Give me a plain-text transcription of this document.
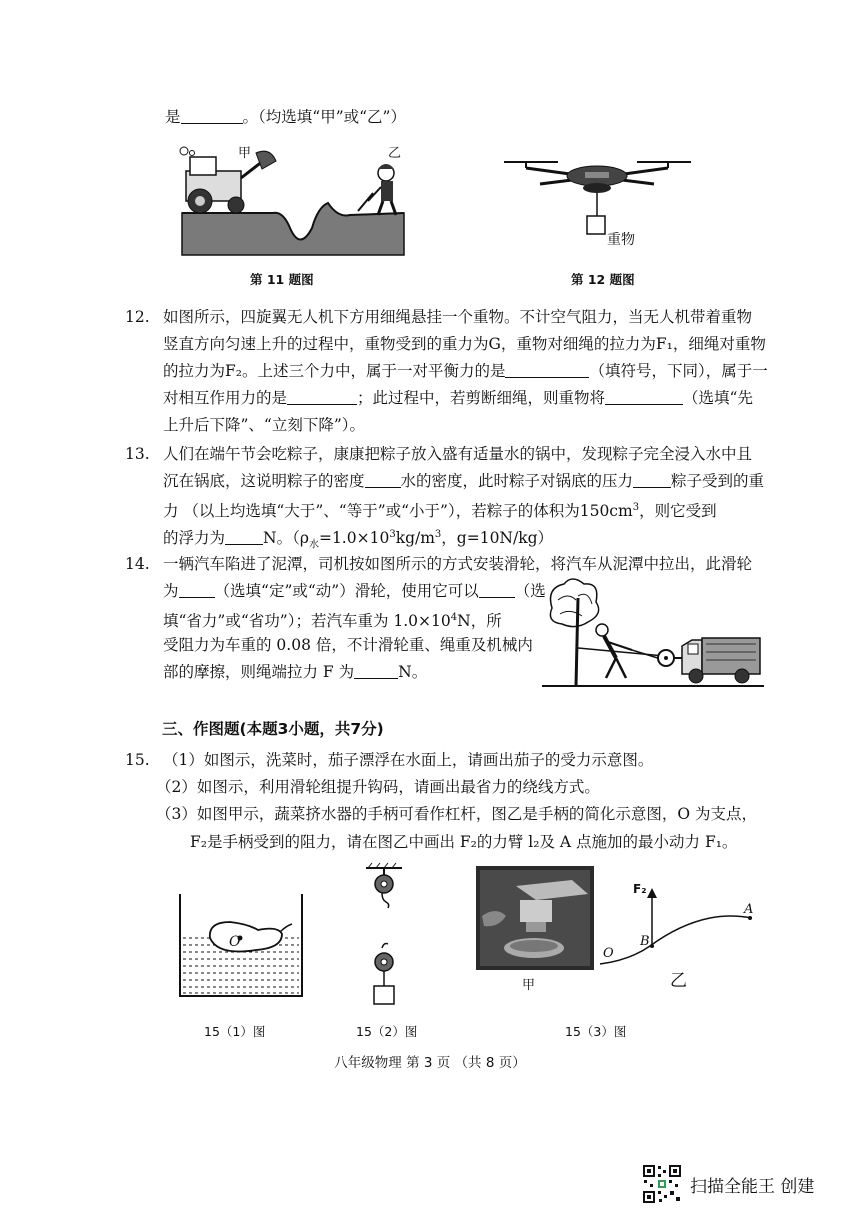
是	。（均选填“甲”或“乙”）
甲	乙
第 11 题图
重物
第 12 题图
12. 如图所示，四旋翼无人机下方用细绳悬挂一个重物。不计空气阻力，当无人机带着重物
竖直方向匀速上升的过程中，重物受到的重力为G，重物对细绳的拉力为F₁，细绳对重物
的拉力为F₂。上述三个力中，属于一对平衡力的是	（填符号，下同），属于一
对相互作用力的是	；此过程中，若剪断细绳，则重物将	（选填“先
上升后下降”、“立刻下降”）。
13. 人们在端午节会吃粽子，康康把粽子放入盛有适量水的锅中，发现粽子完全浸入水中且
沉在锅底，这说明粽子的密度 水的密度，此时粽子对锅底的压力 粽子受到的重
力 （以上均选填“大于”、“等于”或“小于”），若粽子的体积为$150cm^3$，则它受到
的浮力为 N。（$\rho_水=1.0\times 10^3kg/m^3$，g=10N/kg）
14. 一辆汽车陷进了泥潭，司机按如图所示的方式安装滑轮，将汽车从泥潭中拉出，此滑轮
为 （选填“定”或“动”）滑轮，使用它可以 （选
填“省力”或“省功”）；若汽车重为 $1.0\times 10^4N$，所
受阻力为车重的 0.08 倍，不计滑轮重、绳重及机械内
部的摩擦，则绳端拉力 F 为	N。
三、作图题(本题3小题，共7分)
15. （1）如图示，洗菜时，茄子漂浮在水面上，请画出茄子的受力示意图。
（2）如图示，利用滑轮组提升钩码，请画出最省力的绕线方式。
（3）如图甲示，蔬菜挤水器的手柄可看作杠杆，图乙是手柄的简化示意图，O 为支点，
F₂是手柄受到的阻力，请在图乙中画出 F₂的力臂 l₂及 A 点施加的最小动力 F₁。
O
15（1）图	15（2）图
甲
F₂
A
B
O
乙
15（3）图
八年级物理 第 3 页 （共 8 页）
扫描全能王 创建
